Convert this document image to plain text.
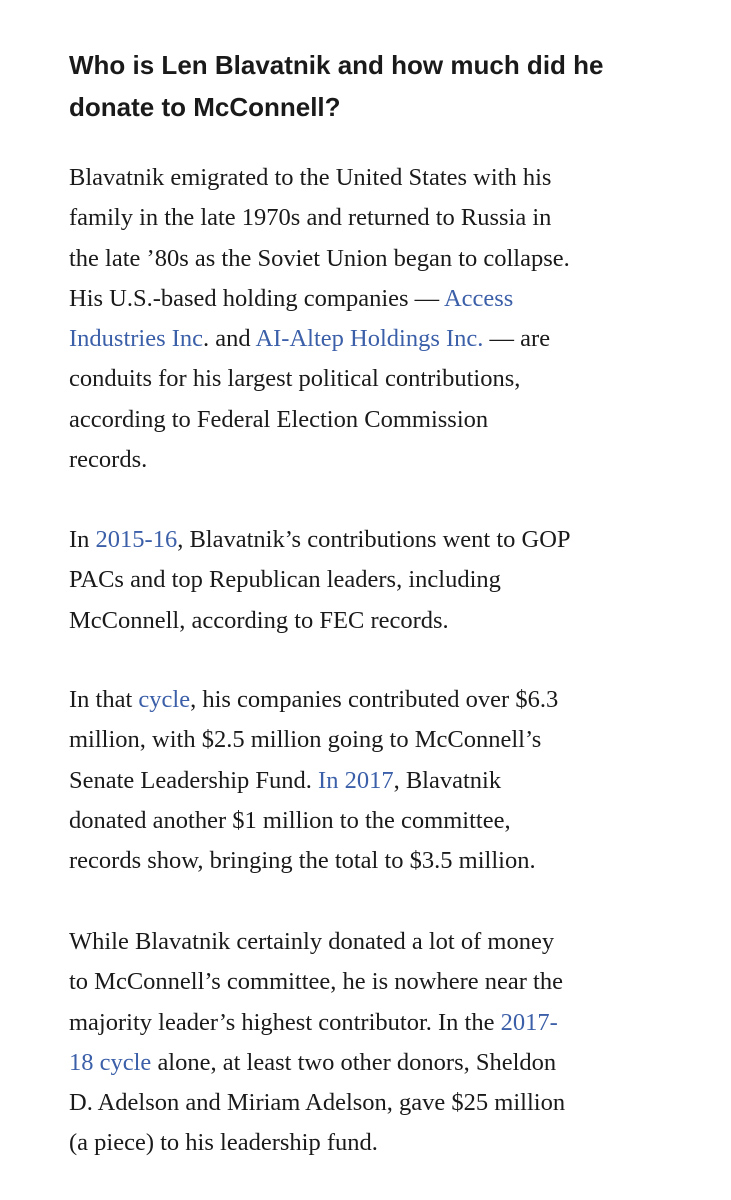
Who is Len Blavatnik and how much did he
donate to McConnell?

Blavatnik emigrated to the United States with his
family in the late 1970s and returned to Russia in
the late ’80s as the Soviet Union began to collapse.
His U.S.-based holding companies — Access
Industries Inc. and AI-Altep Holdings Inc. — are
conduits for his largest political contributions,
according to Federal Election Commission
records.

In 2015-16, Blavatnik’s contributions went to GOP
PACs and top Republican leaders, including
McConnell, according to FEC records.

In that cycle, his companies contributed over $6.3
million, with $2.5 million going to McConnell’s
Senate Leadership Fund. In 2017, Blavatnik
donated another $1 million to the committee,
records show, bringing the total to $3.5 million.

While Blavatnik certainly donated a lot of money
to McConnell’s committee, he is nowhere near the
majority leader’s highest contributor. In the 2017-
18 cycle alone, at least two other donors, Sheldon
D. Adelson and Miriam Adelson, gave $25 million
(a piece) to his leadership fund.
